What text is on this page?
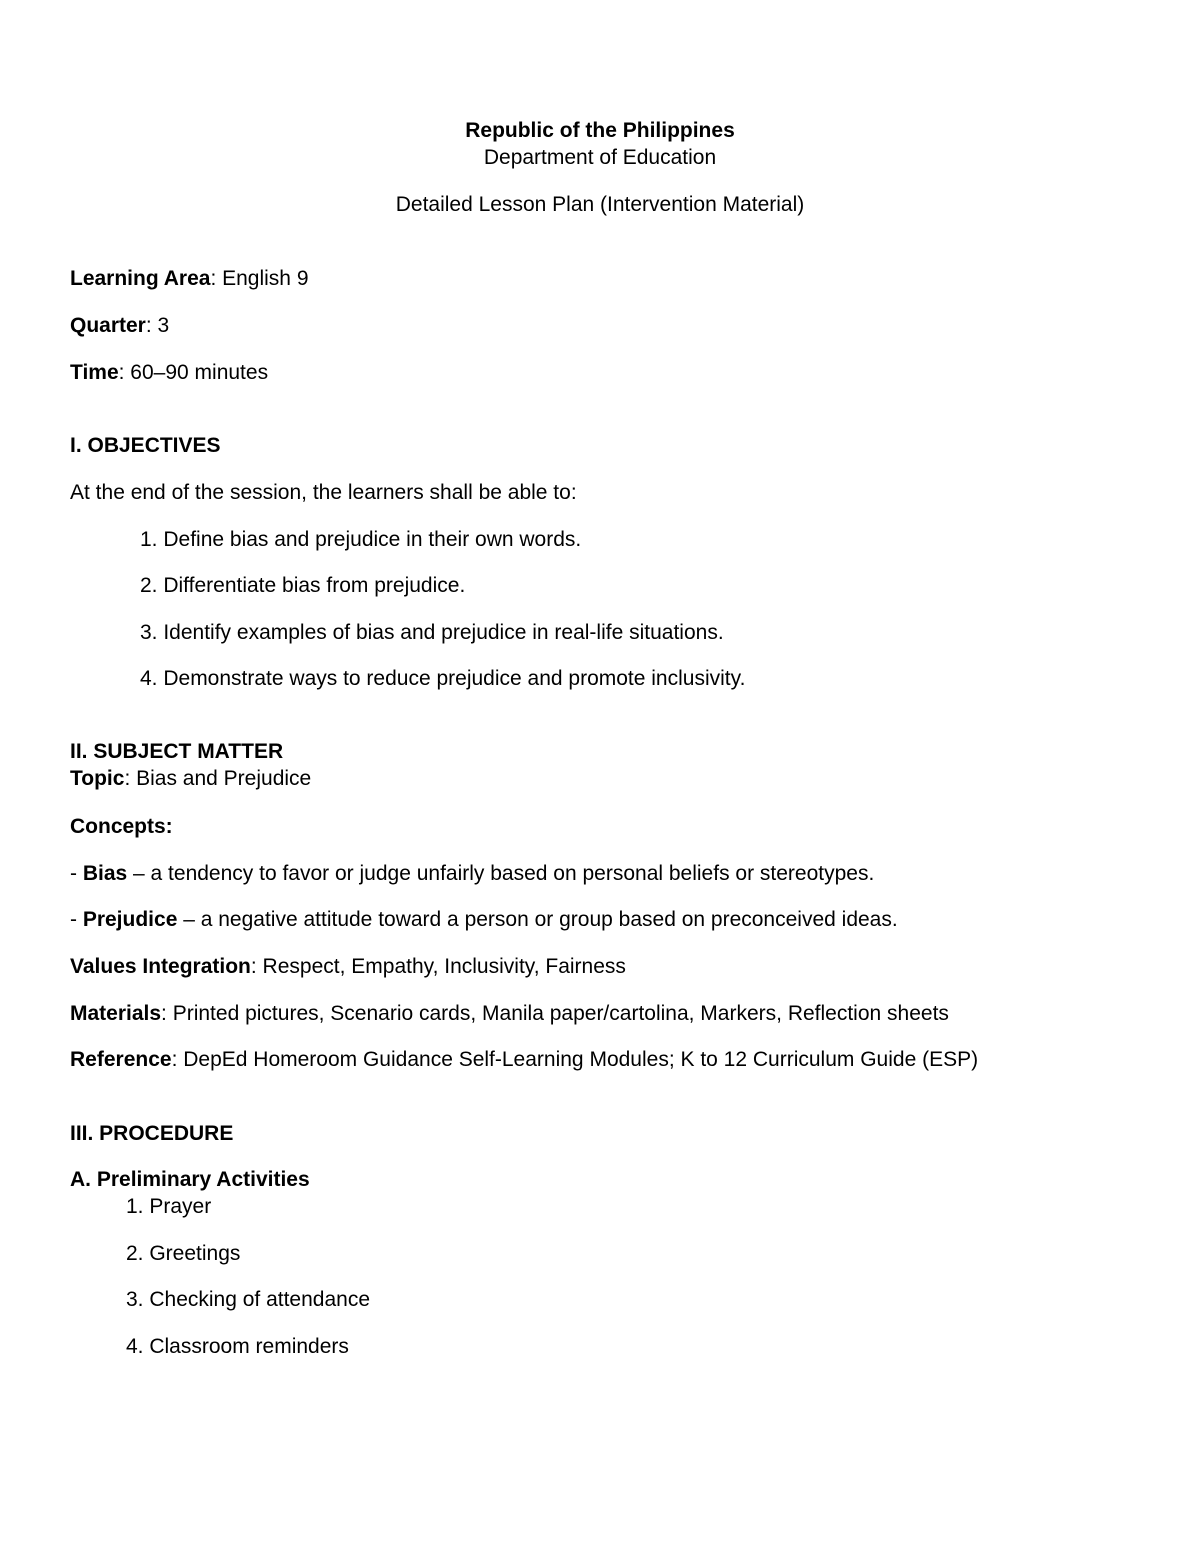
Republic of the Philippines
Department of Education
Detailed Lesson Plan (Intervention Material)
Learning Area: English 9
Quarter: 3
Time: 60–90 minutes
I. OBJECTIVES
At the end of the session, the learners shall be able to:
1. Define bias and prejudice in their own words.
2. Differentiate bias from prejudice.
3. Identify examples of bias and prejudice in real-life situations.
4. Demonstrate ways to reduce prejudice and promote inclusivity.
II. SUBJECT MATTER
Topic: Bias and Prejudice
Concepts:
- Bias – a tendency to favor or judge unfairly based on personal beliefs or stereotypes.
- Prejudice – a negative attitude toward a person or group based on preconceived ideas.
Values Integration: Respect, Empathy, Inclusivity, Fairness
Materials: Printed pictures, Scenario cards, Manila paper/cartolina, Markers, Reflection sheets
Reference: DepEd Homeroom Guidance Self-Learning Modules; K to 12 Curriculum Guide (ESP)
III. PROCEDURE
A. Preliminary Activities
1. Prayer
2. Greetings
3. Checking of attendance
4. Classroom reminders
